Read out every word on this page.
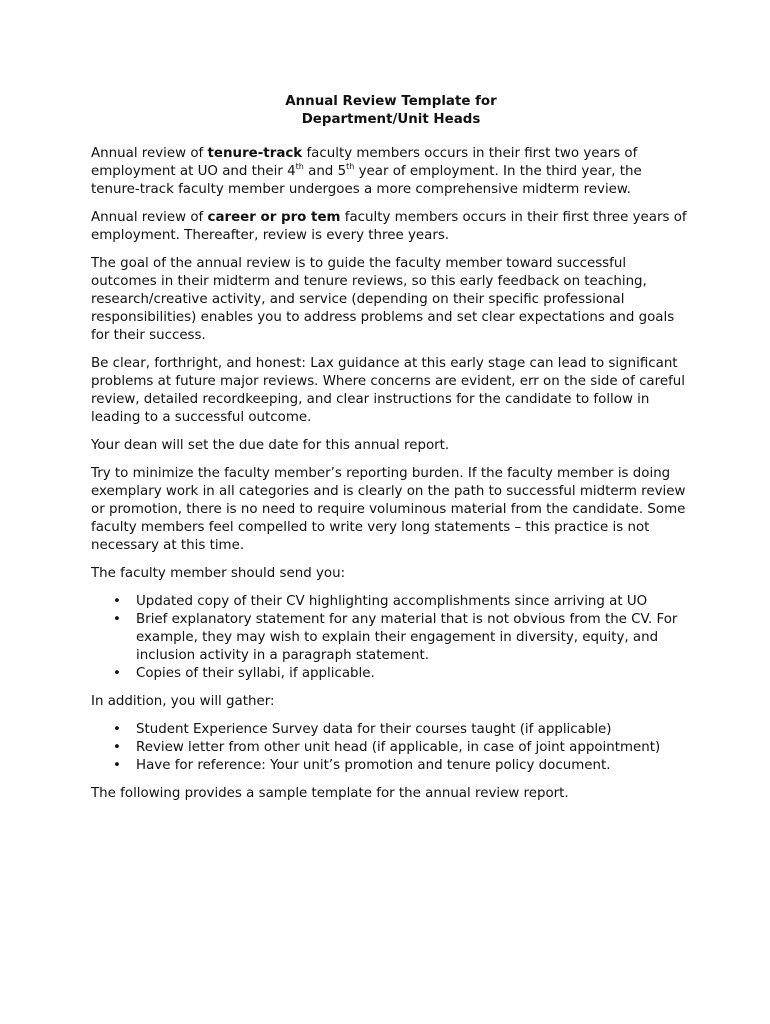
Annual Review Template for
Department/Unit Heads

Annual review of tenure-track faculty members occurs in their first two years of employment at UO and their 4th and 5th year of employment. In the third year, the tenure-track faculty member undergoes a more comprehensive midterm review.

Annual review of career or pro tem faculty members occurs in their first three years of employment. Thereafter, review is every three years.

The goal of the annual review is to guide the faculty member toward successful outcomes in their midterm and tenure reviews, so this early feedback on teaching, research/creative activity, and service (depending on their specific professional responsibilities) enables you to address problems and set clear expectations and goals for their success.

Be clear, forthright, and honest: Lax guidance at this early stage can lead to significant problems at future major reviews. Where concerns are evident, err on the side of careful review, detailed recordkeeping, and clear instructions for the candidate to follow in leading to a successful outcome.

Your dean will set the due date for this annual report.

Try to minimize the faculty member’s reporting burden. If the faculty member is doing exemplary work in all categories and is clearly on the path to successful midterm review or promotion, there is no need to require voluminous material from the candidate. Some faculty members feel compelled to write very long statements – this practice is not necessary at this time.

The faculty member should send you:

• Updated copy of their CV highlighting accomplishments since arriving at UO
• Brief explanatory statement for any material that is not obvious from the CV. For example, they may wish to explain their engagement in diversity, equity, and inclusion activity in a paragraph statement.
• Copies of their syllabi, if applicable.

In addition, you will gather:

• Student Experience Survey data for their courses taught (if applicable)
• Review letter from other unit head (if applicable, in case of joint appointment)
• Have for reference: Your unit’s promotion and tenure policy document.

The following provides a sample template for the annual review report.
